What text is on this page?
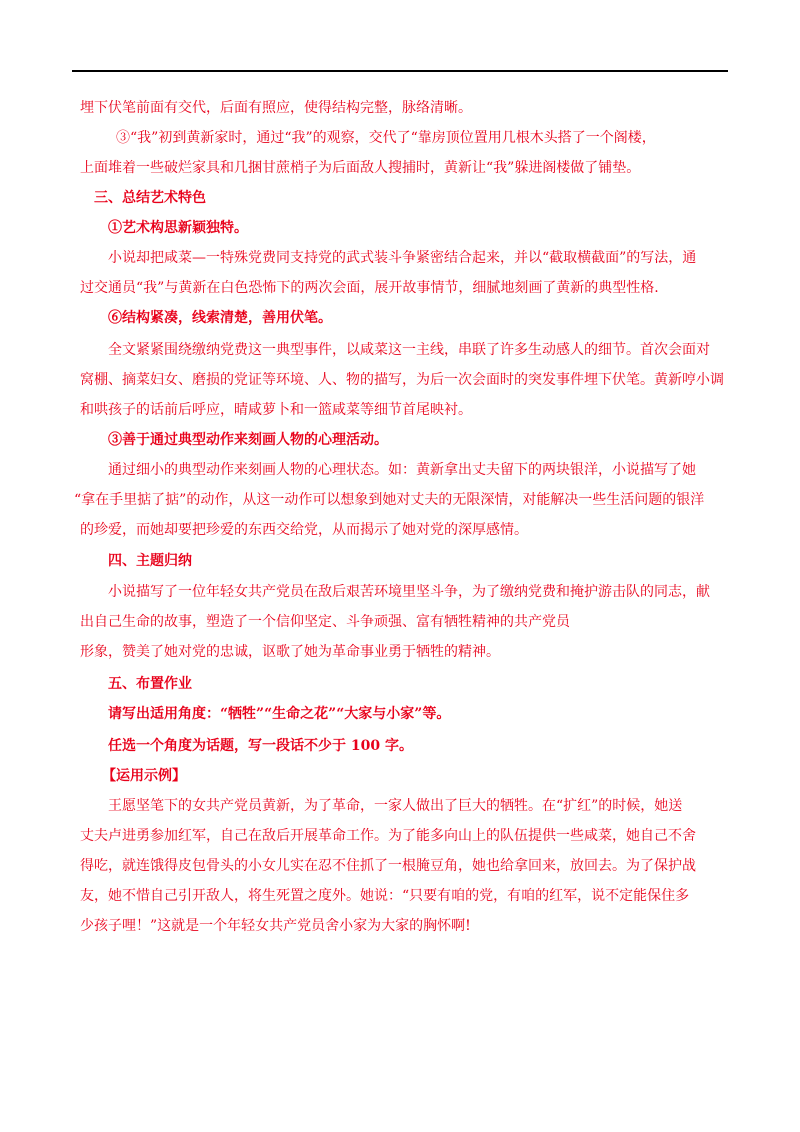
埋下伏笔前面有交代，后面有照应，使得结构完整，脉络清晰。
③“我”初到黄新家时，通过“我”的观察，交代了“靠房顶位置用几根木头搭了一个阁楼，
上面堆着一些破烂家具和几捆甘蔗梢子为后面敌人搜捕时，黄新让“我”躲进阁楼做了铺垫。
三、总结艺术特色
①艺术构思新颖独特。
小说却把咸菜—一特殊党费同支持党的武式装斗争紧密结合起来，并以“截取横截面”的写法，通
过交通员“我”与黄新在白色恐怖下的两次会面，展开故事情节，细腻地刻画了黄新的典型性格.
⑥结构紧凑，线索清楚，善用伏笔。
全文紧紧围绕缴纳党费这一典型事件，以咸菜这一主线，串联了许多生动感人的细节。首次会面对
窝棚、摘菜妇女、磨损的党证等环境、人、物的描写，为后一次会面时的突发事件埋下伏笔。黄新哼小调
和哄孩子的话前后呼应，晴咸萝卜和一篮咸菜等细节首尾映衬。
③善于通过典型动作来刻画人物的心理活动。
通过细小的典型动作来刻画人物的心理状态。如：黄新拿出丈夫留下的两块银洋，小说描写了她
“拿在手里掂了掂”的动作，从这一动作可以想象到她对丈夫的无限深情，对能解决一些生活问题的银洋
的珍爱，而她却要把珍爱的东西交给党，从而揭示了她对党的深厚感情。
四、主题归纳
小说描写了一位年轻女共产党员在敌后艰苦环境里坚斗争，为了缴纳党费和掩护游击队的同志，献
出自己生命的故事，塑造了一个信仰坚定、斗争顽强、富有牺牲精神的共产党员
形象，赞美了她对党的忠诚，讴歌了她为革命事业勇于牺牲的精神。
五、布置作业
请写出适用角度：“牺牲”“生命之花”“大家与小家”等。
任选一个角度为话题，写一段话不少于 100 字。
【运用示例】
王愿坚笔下的女共产党员黄新，为了革命，一家人做出了巨大的牺牲。在“扩红”的时候，她送
丈夫卢进勇参加红军，自己在敌后开展革命工作。为了能多向山上的队伍提供一些咸菜，她自己不舍
得吃，就连饿得皮包骨头的小女儿实在忍不住抓了一根腌豆角，她也给拿回来，放回去。为了保护战
友，她不惜自己引开敌人，将生死置之度外。她说：“只要有咱的党，有咱的红军，说不定能保住多
少孩子哩！”这就是一个年轻女共产党员舍小家为大家的胸怀啊!
